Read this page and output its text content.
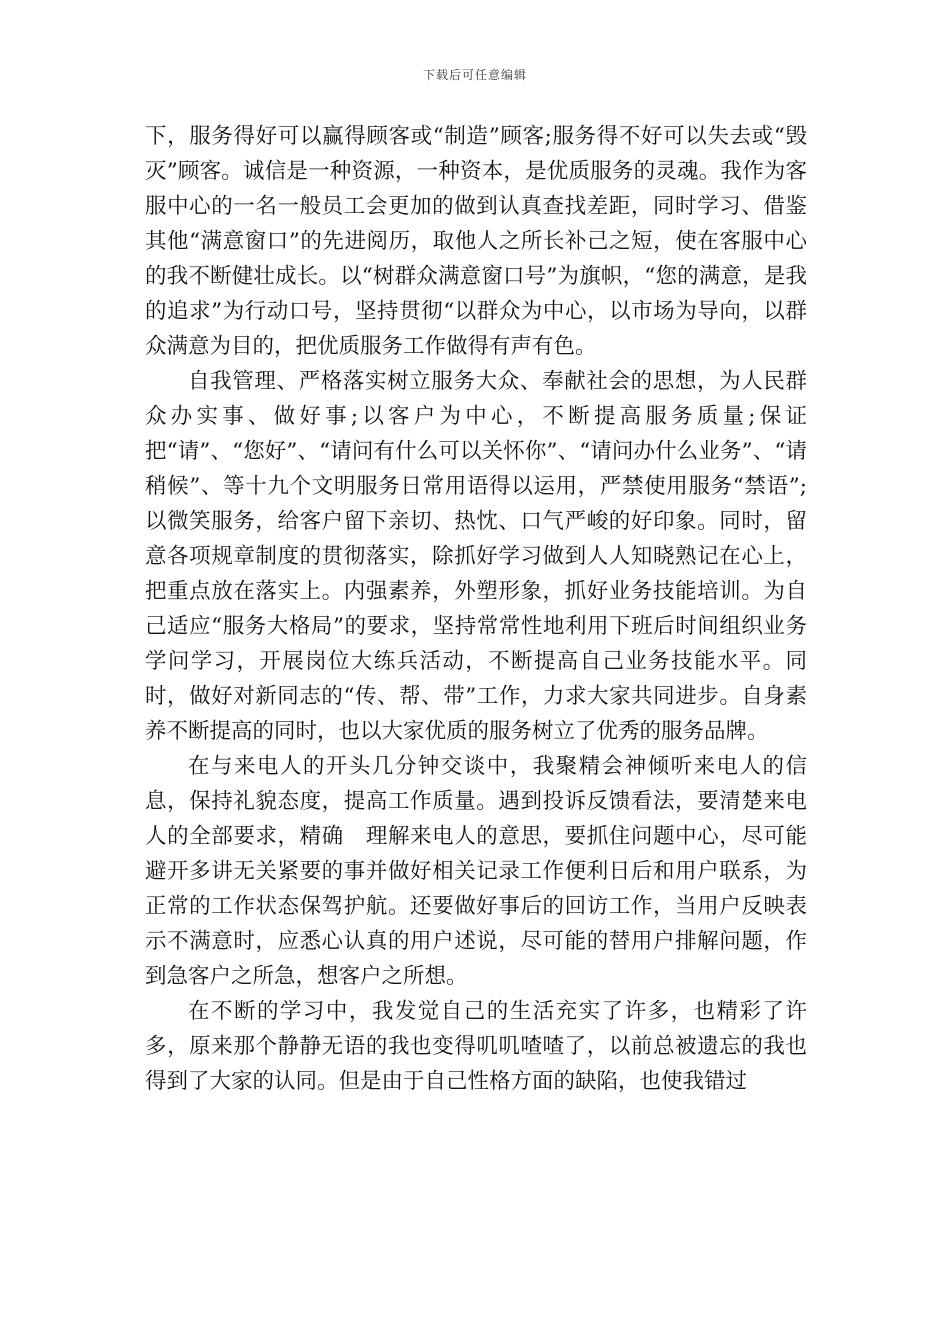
下载后可任意编辑

下，服务得好可以赢得顾客或“制造”顾客;服务得不好可以失去或“毁灭”顾客。诚信是一种资源，一种资本，是优质服务的灵魂。我作为客服中心的一名一般员工会更加的做到认真查找差距，同时学习、借鉴其他“满意窗口”的先进阅历，取他人之所长补己之短，使在客服中心的我不断健壮成长。以“树群众满意窗口号”为旗帜，“您的满意，是我的追求”为行动口号，坚持贯彻“以群众为中心，以市场为导向，以群众满意为目的，把优质服务工作做得有声有色。

自我管理、严格落实树立服务大众、奉献社会的思想，为人民群众办实事、做好事;以客户为中心，不断提高服务质量;保证把“请”、“您好”、“请问有什么可以关怀你”、“请问办什么业务”、“请稍候”、等十九个文明服务日常用语得以运用，严禁使用服务“禁语”;以微笑服务，给客户留下亲切、热忱、口气严峻的好印象。同时，留意各项规章制度的贯彻落实，除抓好学习做到人人知晓熟记在心上，把重点放在落实上。内强素养，外塑形象，抓好业务技能培训。为自己适应“服务大格局”的要求，坚持常常性地利用下班后时间组织业务学问学习，开展岗位大练兵活动，不断提高自己业务技能水平。同时，做好对新同志的“传、帮、带”工作，力求大家共同进步。自身素养不断提高的同时，也以大家优质的服务树立了优秀的服务品牌。

在与来电人的开头几分钟交谈中，我聚精会神倾听来电人的信息，保持礼貌态度，提高工作质量。遇到投诉反馈看法，要清楚来电人的全部要求，精确　理解来电人的意思，要抓住问题中心，尽可能避开多讲无关紧要的事并做好相关记录工作便利日后和用户联系，为正常的工作状态保驾护航。还要做好事后的回访工作，当用户反映表示不满意时，应悉心认真的用户述说，尽可能的替用户排解问题，作到急客户之所急，想客户之所想。

在不断的学习中，我发觉自己的生活充实了许多，也精彩了许多，原来那个静静无语的我也变得叽叽喳喳了，以前总被遗忘的我也得到了大家的认同。但是由于自己性格方面的缺陷，也使我错过
